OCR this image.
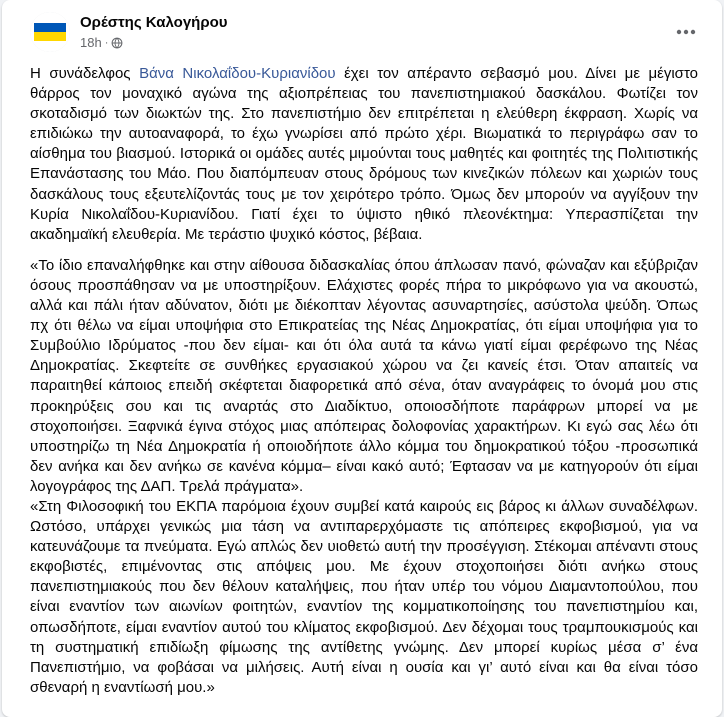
Ορέστης Καλογήρου
18h ·

Η συνάδελφος Βάνα Νικολαΐδου-Κυριανίδου έχει τον απέραντο σεβασμό μου. Δίνει με μέγιστο θάρρος τον μοναχικό αγώνα της αξιοπρέπειας του πανεπιστημιακού δασκάλου. Φωτίζει τον σκοταδισμό των διωκτών της. Στο πανεπιστήμιο δεν επιτρέπεται η ελεύθερη έκφραση. Χωρίς να επιδιώκω την αυτοαναφορά, το έχω γνωρίσει από πρώτο χέρι. Βιωματικά το περιγράφω σαν το αίσθημα του βιασμού. Ιστορικά οι ομάδες αυτές μιμούνται τους μαθητές και φοιτητές της Πολιτιστικής Επανάστασης του Μάο. Που διαπόμπευαν στους δρόμους των κινεζικών πόλεων και χωριών τους δασκάλους τους εξευτελίζοντάς τους με τον χειρότερο τρόπο. Όμως δεν μπορούν να αγγίξουν την Κυρία Νικολαΐδου-Κυριανίδου. Γιατί έχει το ύψιστο ηθικό πλεονέκτημα: Υπερασπίζεται την ακαδημαϊκή ελευθερία. Με τεράστιο ψυχικό κόστος, βέβαια.

«Το ίδιο επαναλήφθηκε και στην αίθουσα διδασκαλίας όπου άπλωσαν πανό, φώναζαν και εξύβριζαν όσους προσπάθησαν να με υποστηρίξουν. Ελάχιστες φορές πήρα το μικρόφωνο για να ακουστώ, αλλά και πάλι ήταν αδύνατον, διότι με διέκοπταν λέγοντας ασυναρτησίες, ασύστολα ψεύδη. Όπως πχ ότι θέλω να είμαι υποψήφια στο Επικρατείας της Νέας Δημοκρατίας, ότι είμαι υποψήφια για το Συμβούλιο Ιδρύματος -που δεν είμαι- και ότι όλα αυτά τα κάνω γιατί είμαι φερέφωνο της Νέας Δημοκρατίας. Σκεφτείτε σε συνθήκες εργασιακού χώρου να ζει κανείς έτσι. Όταν απαιτείς να παραιτηθεί κάποιος επειδή σκέφτεται διαφορετικά από σένα, όταν αναγράφεις το όνομά μου στις προκηρύξεις σου και τις αναρτάς στο Διαδίκτυο, οποιοσδήποτε παράφρων μπορεί να με στοχοποιήσει. Ξαφνικά έγινα στόχος μιας απόπειρας δολοφονίας χαρακτήρων. Κι εγώ σας λέω ότι υποστηρίζω τη Νέα Δημοκρατία ή οποιοδήποτε άλλο κόμμα του δημοκρατικού τόξου -προσωπικά δεν ανήκα και δεν ανήκω σε κανένα κόμμα– είναι κακό αυτό; Έφτασαν να με κατηγορούν ότι είμαι λογογράφος της ΔΑΠ. Τρελά πράγματα».

«Στη Φιλοσοφική του ΕΚΠΑ παρόμοια έχουν συμβεί κατά καιρούς εις βάρος κι άλλων συναδέλφων. Ωστόσο, υπάρχει γενικώς μια τάση να αντιπαρερχόμαστε τις απόπειρες εκφοβισμού, για να κατευνάζουμε τα πνεύματα. Εγώ απλώς δεν υιοθετώ αυτή την προσέγγιση. Στέκομαι απέναντι στους εκφοβιστές, επιμένοντας στις απόψεις μου. Με έχουν στοχοποιήσει διότι ανήκω στους πανεπιστημιακούς που δεν θέλουν καταλήψεις, που ήταν υπέρ του νόμου Διαμαντοπούλου, που είναι εναντίον των αιωνίων φοιτητών, εναντίον της κομματικοποίησης του πανεπιστημίου και, οπωσδήποτε, είμαι εναντίον αυτού του κλίματος εκφοβισμού. Δεν δέχομαι τους τραμπουκισμούς και τη συστηματική επιδίωξη φίμωσης της αντίθετης γνώμης. Δεν μπορεί κυρίως μέσα σ’ ένα Πανεπιστήμιο, να φοβάσαι να μιλήσεις. Αυτή είναι η ουσία και γι’ αυτό είναι και θα είναι τόσο σθεναρή η εναντίωσή μου.»
